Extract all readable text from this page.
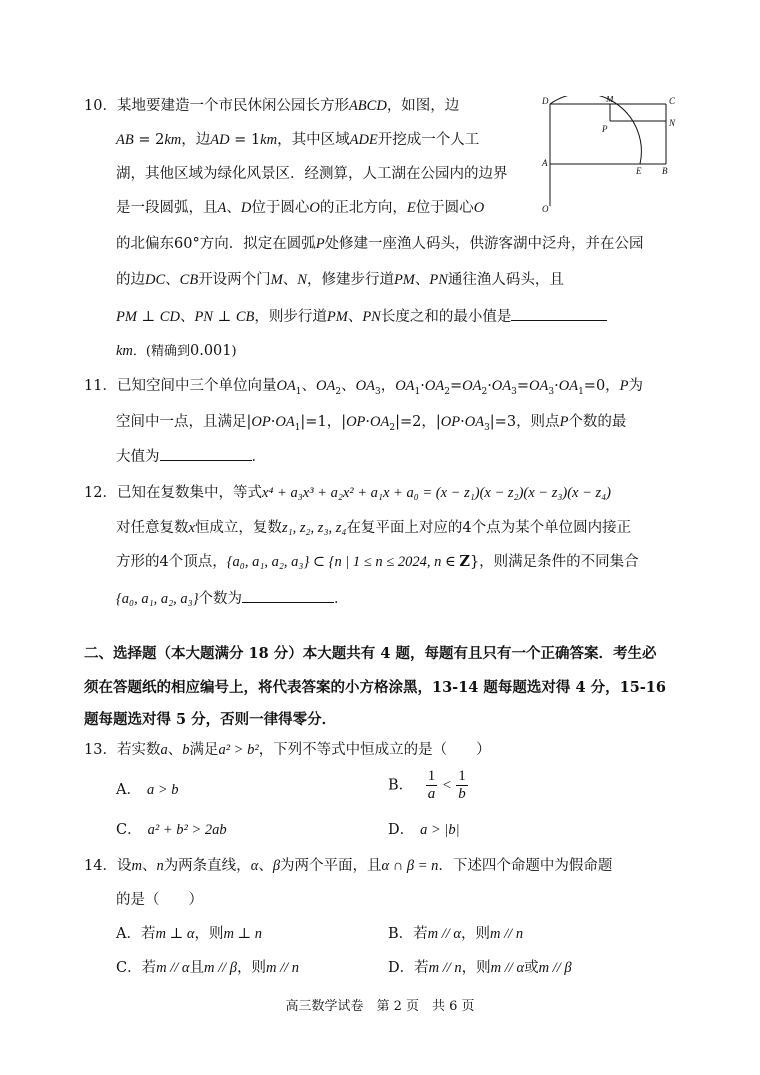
10．某地要建造一个市民休闲公园长方形ABCD，如图，边
AB = 2km，边AD = 1km，其中区域ADE开挖成一个人工
湖，其他区域为绿化风景区．经测算，人工湖在公园内的边界
是一段圆弧，且A、D位于圆心O的正北方向，E位于圆心O
的北偏东60°方向．拟定在圆弧P处修建一座渔人码头，供游客湖中泛舟，并在公园
的边DC、CB开设两个门M、N，修建步行道PM、PN通往渔人码头，且
PM ⊥ CD、PN ⊥ CB，则步行道PM、PN长度之和的最小值是
km．(精确到0.001)
D	M	C
N
P
A
E B
O
11．已知空间中三个单位向量$OA_1$、$OA_2$、$OA_3$，$OA_1\cdot OA_2=OA_2\cdot OA_3=OA_3\cdot OA_1=0$，P为
空间中一点，且满足$|OP\cdot OA_1|=1$，$|OP\cdot OA_2|=2$，$|OP\cdot OA_3|=3$，则点P个数的最
大值为	．
12．已知在复数集中，等式x⁴ + a₃x³ + a₂x² + a₁x + a₀ = (x − z₁)(x − z₂)(x − z₃)(x − z₄)
对任意复数x恒成立，复数z₁, z₂, z₃, z₄在复平面上对应的4个点为某个单位圆内接正
方形的4个顶点，{a₀, a₁, a₂, a₃} ⊂ {n | 1 ≤ n ≤ 2024, n ∈ Z}，则满足条件的不同集合
{a₀, a₁, a₂, a₃}个数为	．
二、选择题（本大题满分 18 分）本大题共有 4 题，每题有且只有一个正确答案．考生必
须在答题纸的相应编号上，将代表答案的小方格涂黑，13-14 题每题选对得 4 分，15-16
题每题选对得 5 分，否则一律得零分．
13．若实数a、b满足a² > b²，下列不等式中恒成立的是（　　）
A． a > b	B． $\frac{1}{a} < \frac{1}{b}$
C． a² + b² > 2ab	D． a > |b|
14．设m、n为两条直线，α、β为两个平面，且α ∩ β = n．下述四个命题中为假命题
的是（　　）
A．若m ⊥ α，则m ⊥ n	B．若m // α，则m // n
C．若m // α且m // β，则m // n	D．若m // n，则m // α或m // β
高三数学试卷　第 2 页　共 6 页
